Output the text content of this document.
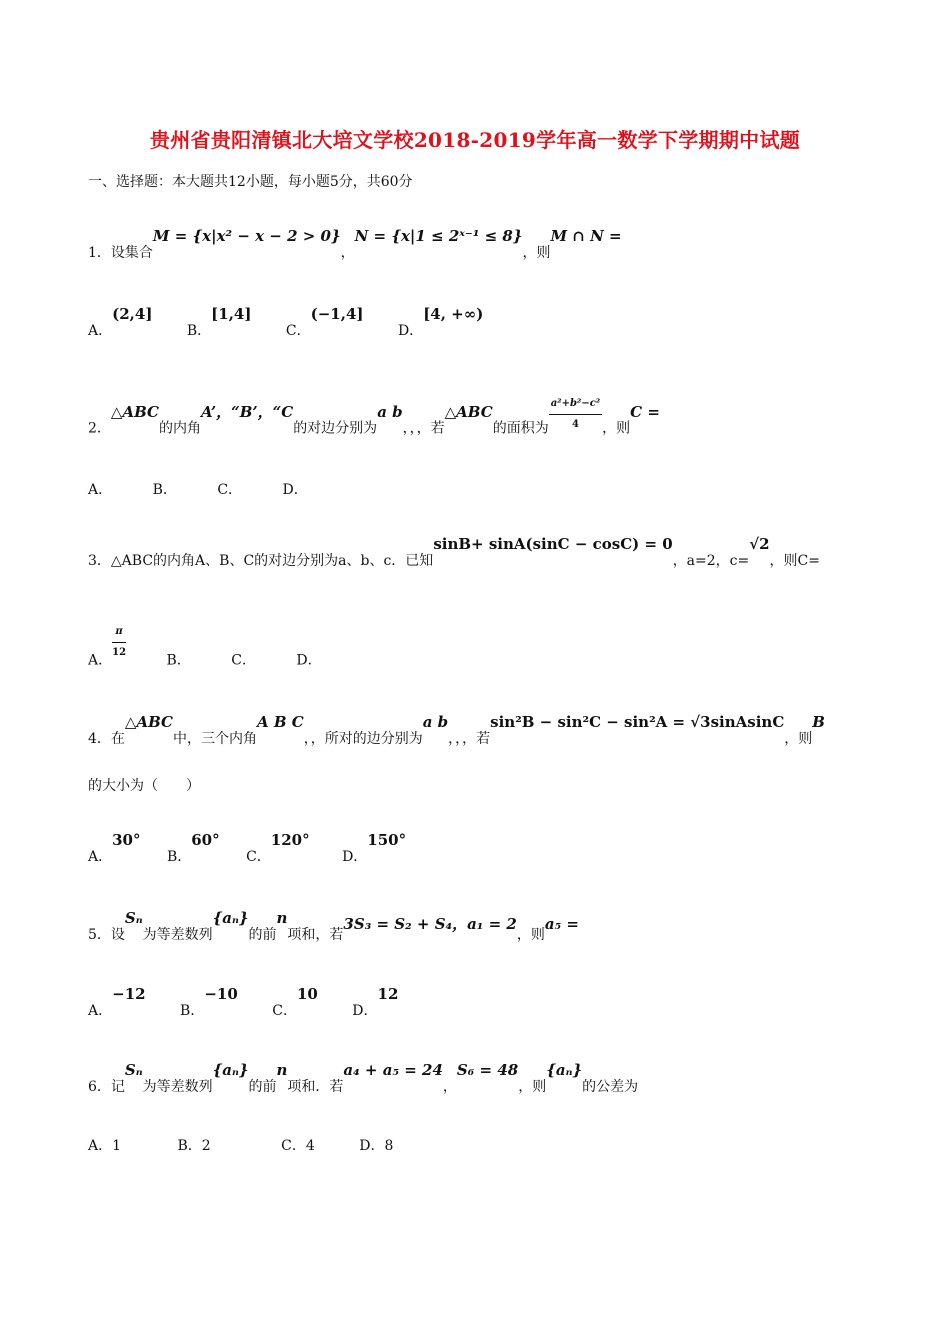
贵州省贵阳清镇北大培文学校2018-2019学年高一数学下学期期中试题
一、选择题：本大题共12小题，每小题5分，共60分
1．设集合M = {x|x² − x − 2 > 0}，N = {x|1 ≤ 2ˣ⁻¹ ≤ 8}，则M ∩ N =
A．(2,4] B．[1,4] C．(−1,4] D．[4, +∞)
2．△ABC的内角A’，“B’，“C的对边分别为a b，，，若△ABC的面积为 $\frac{\text{a²+b²−c²}}{4}$ ，则C =
A．	B．	C．	D．
3．△ABC的内角A、B、C的对边分别为a、b、c．已知sinB+ sinA(sinC − cosC) = 0，a=2，c=√2，则C=
A． $\frac{\pi}{12}$	B．	C．	D．
4．在△ABC中，三个内角A B C，，所对的边分别为a b，，，若sin²B − sin²C − sin²A = √3sinAsinC，则B
的大小为（　　）
A．30° B．60° C．120° D．150°
5．设Sₙ为等差数列{aₙ}的前n项和，若3S₃ = S₂ + S₄，a₁ = 2，则a₅ =
A．−12 B．−10 C．10 D．12
6．记Sₙ为等差数列{aₙ}的前n项和．若a₄ + a₅ = 24，S₆ = 48，则{aₙ}的公差为
A．1	B．2	C．4	D．8
